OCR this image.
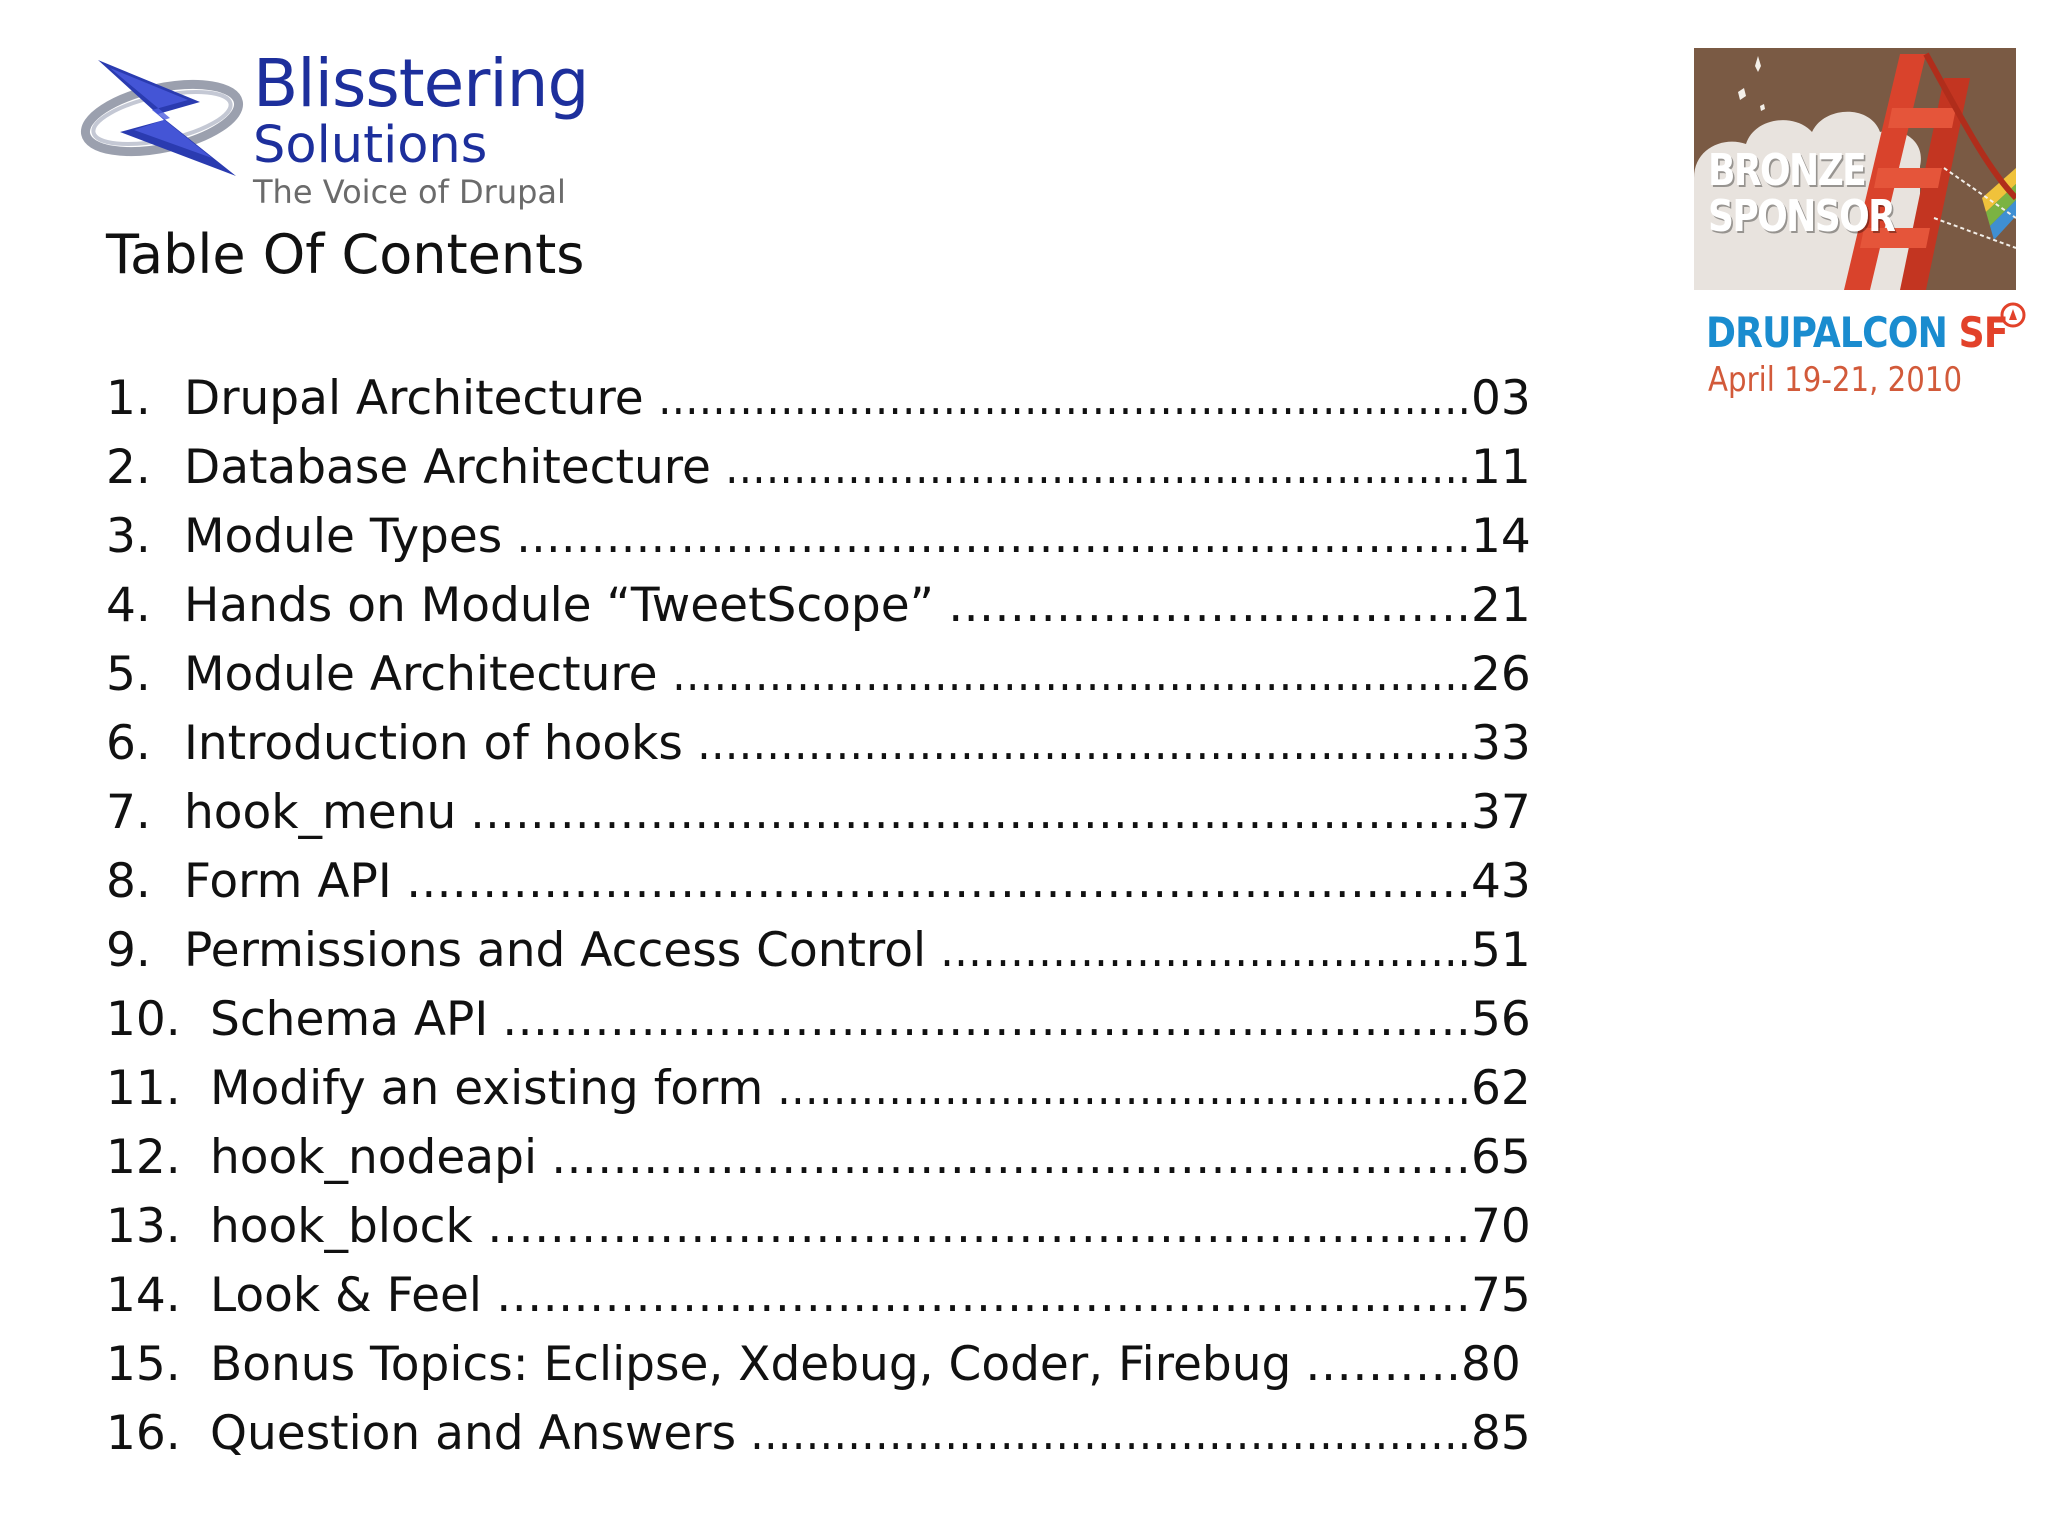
Blisstering
Solutions
The Voice of Drupal
Table Of Contents
1. Drupal Architecture …………………………………………………… 03
2. Database Architecture ………………………………………………. 11
3. Module Types ………………………………………………………. 14
4. Hands on Module “TweetScope” ……………………………. 21
5. Module Architecture …………………………………………………. 26
6. Introduction of hooks ……………………………………………….. 33
7. hook_menu …………………………………………………………. 37
8. Form API ……………………………………………………………. 43
9. Permissions and Access Control ……………………………….. 51
10. Schema API ……………………………………………………… 56
11. Modify an existing form ………………………………………….. 62
12. hook_nodeapi …………………………………………………… 65
13. hook_block ……………………………………………………… 70
14. Look & Feel ……………………………………………………… 75
15. Bonus Topics: Eclipse, Xdebug, Coder, Firebug ………. 80
16. Question and Answers ……………………………………………. 85
BRONZE
SPONSOR
DRUPALCON SF
April 19-21, 2010
